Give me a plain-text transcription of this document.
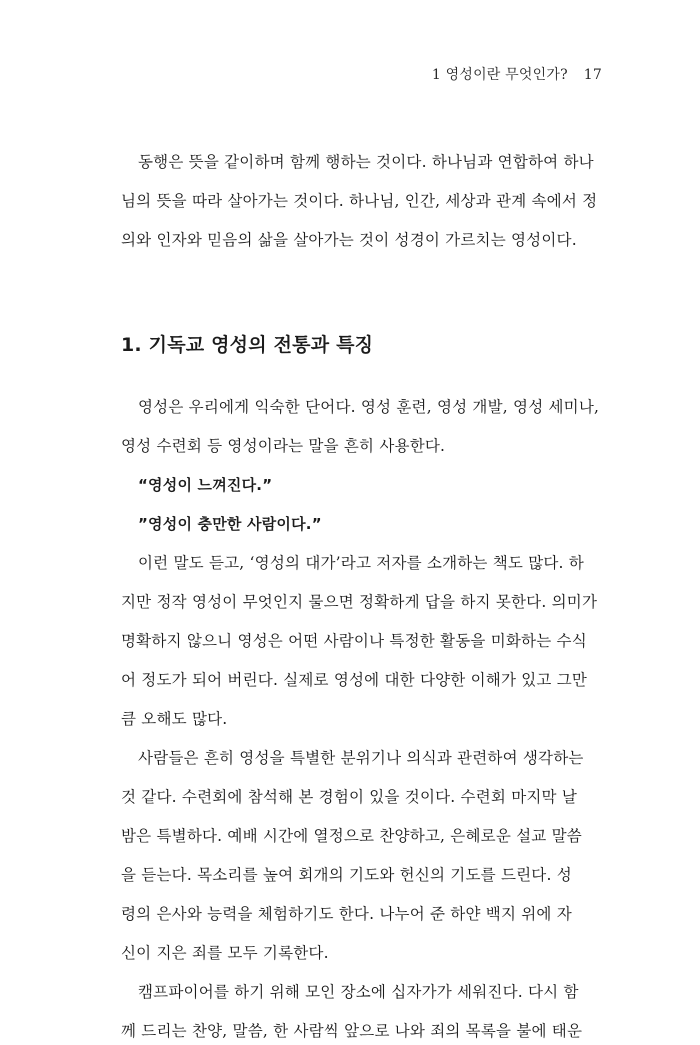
1 영성이란 무엇인가? 17

동행은 뜻을 같이하며 함께 행하는 것이다. 하나님과 연합하여 하나

님의 뜻을 따라 살아가는 것이다. 하나님, 인간, 세상과 관계 속에서 정

의와 인자와 믿음의 삶을 살아가는 것이 성경이 가르치는 영성이다.

1. 기독교 영성의 전통과 특징

영성은 우리에게 익숙한 단어다. 영성 훈련, 영성 개발, 영성 세미나,

영성 수련회 등 영성이라는 말을 흔히 사용한다.

“영성이 느껴진다.”

”영성이 충만한 사람이다.”

이런 말도 듣고, ‘영성의 대가’라고 저자를 소개하는 책도 많다. 하

지만 정작 영성이 무엇인지 물으면 정확하게 답을 하지 못한다. 의미가

명확하지 않으니 영성은 어떤 사람이나 특정한 활동을 미화하는 수식

어 정도가 되어 버린다. 실제로 영성에 대한 다양한 이해가 있고 그만

큼 오해도 많다.

사람들은 흔히 영성을 특별한 분위기나 의식과 관련하여 생각하는

것 같다. 수련회에 참석해 본 경험이 있을 것이다. 수련회 마지막 날

밤은 특별하다. 예배 시간에 열정으로 찬양하고, 은혜로운 설교 말씀

을 듣는다. 목소리를 높여 회개의 기도와 헌신의 기도를 드린다. 성

령의 은사와 능력을 체험하기도 한다. 나누어 준 하얀 백지 위에 자

신이 지은 죄를 모두 기록한다.

캠프파이어를 하기 위해 모인 장소에 십자가가 세워진다. 다시 함

께 드리는 찬양, 말씀, 한 사람씩 앞으로 나와 죄의 목록을 불에 태운
